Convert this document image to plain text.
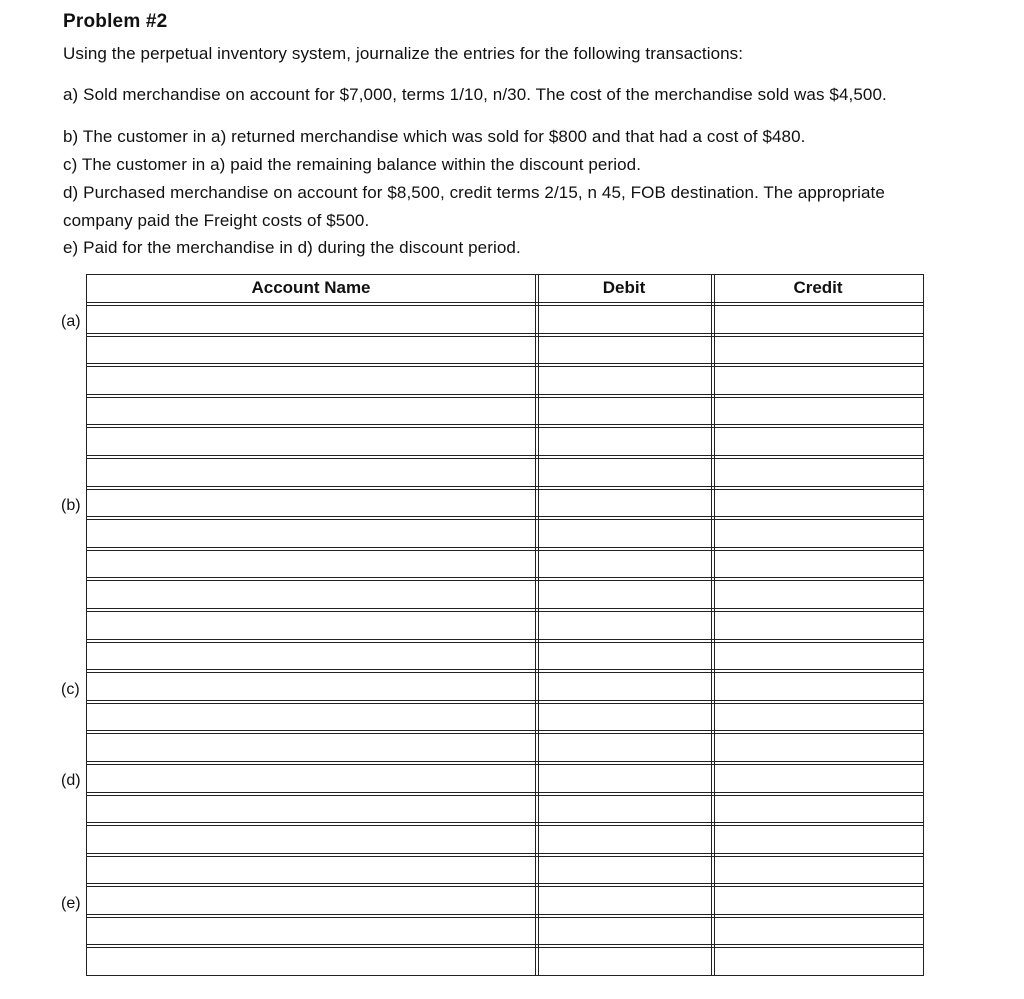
Problem #2
Using the perpetual inventory system, journalize the entries for the following transactions:
a) Sold merchandise on account for $7,000, terms 1/10, n/30. The cost of the merchandise sold was $4,500.
b) The customer in a) returned merchandise which was sold for $800 and that had a cost of $480.
c) The customer in a) paid the remaining balance within the discount period.
d) Purchased merchandise on account for $8,500, credit terms 2/15, n 45, FOB destination. The appropriate
company paid the Freight costs of $500.
e) Paid for the merchandise in d) during the discount period.
(a)
(b)
(c)
(d)
(e)
Account Name	Debit	Credit
